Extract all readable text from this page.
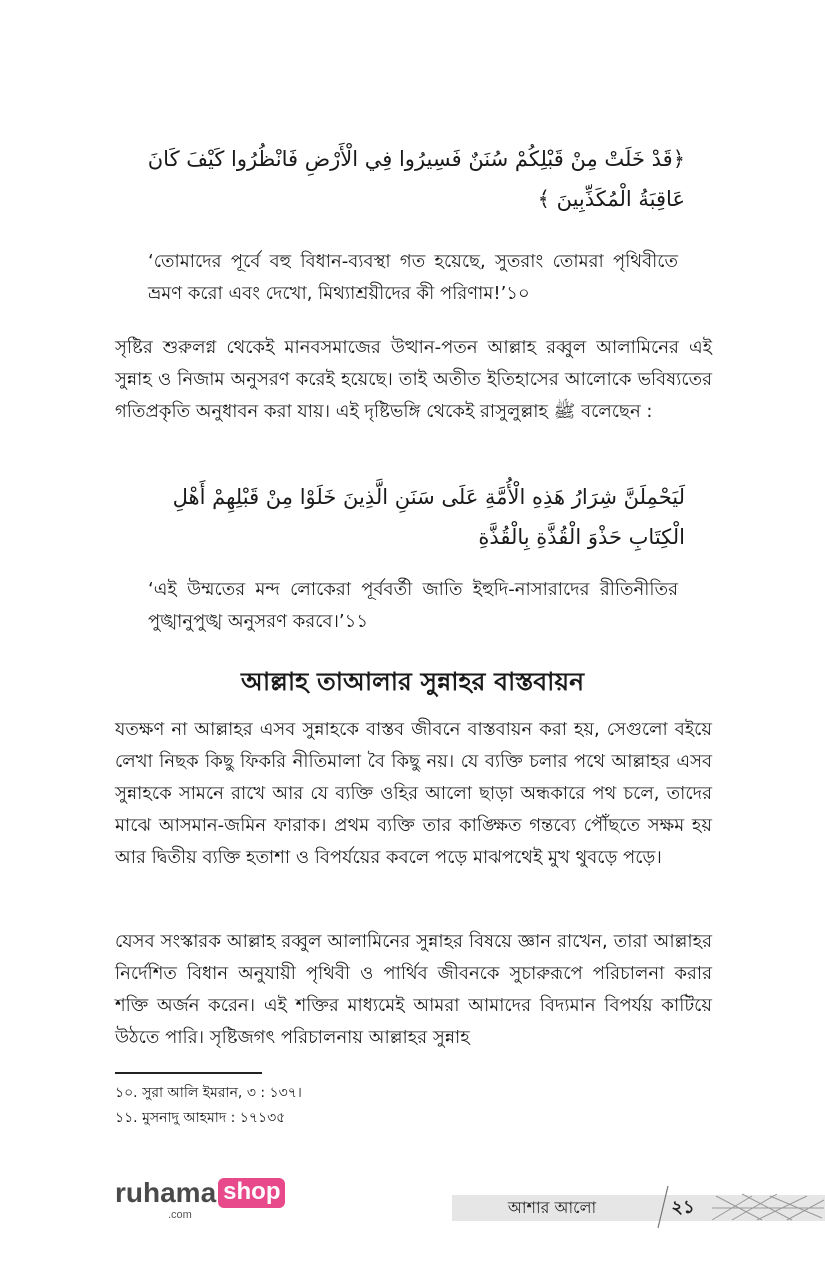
﴿قَدْ خَلَتْ مِنْ قَبْلِكُمْ سُنَنٌ فَسِيرُوا فِي الْأَرْضِ فَانْظُرُوا كَيْفَ كَانَ عَاقِبَةُ الْمُكَذِّبِينَ ﴾

‘তোমাদের পূর্বে বহু বিধান-ব্যবস্থা গত হয়েছে, সুতরাং তোমরা পৃথিবীতে ভ্রমণ করো এবং দেখো, মিথ্যাশ্রয়ীদের কী পরিণাম!’১০

সৃষ্টির শুরুলগ্ন থেকেই মানবসমাজের উত্থান-পতন আল্লাহ রব্বুল আলামিনের এই সুন্নাহ ও নিজাম অনুসরণ করেই হয়েছে। তাই অতীত ইতিহাসের আলোকে ভবিষ্যতের গতিপ্রকৃতি অনুধাবন করা যায়। এই দৃষ্টিভঙ্গি থেকেই রাসুলুল্লাহ ﷺ বলেছেন :

لَيَحْمِلَنَّ شِرَارُ هَذِهِ الْأُمَّةِ عَلَى سَنَنِ الَّذِينَ خَلَوْا مِنْ قَبْلِهِمْ أَهْلِ الْكِتَابِ حَذْوَ الْقُذَّةِ بِالْقُذَّةِ

‘এই উম্মতের মন্দ লোকেরা পূর্ববর্তী জাতি ইহুদি-নাসারাদের রীতিনীতির পুঙ্খানুপুঙ্খ অনুসরণ করবে।’১১

আল্লাহ তাআলার সুন্নাহর বাস্তবায়ন

যতক্ষণ না আল্লাহর এসব সুন্নাহকে বাস্তব জীবনে বাস্তবায়ন করা হয়, সেগুলো বইয়ে লেখা নিছক কিছু ফিকরি নীতিমালা বৈ কিছু নয়। যে ব্যক্তি চলার পথে আল্লাহর এসব সুন্নাহকে সামনে রাখে আর যে ব্যক্তি ওহির আলো ছাড়া অন্ধকারে পথ চলে, তাদের মাঝে আসমান-জমিন ফারাক। প্রথম ব্যক্তি তার কাঙ্ক্ষিত গন্তব্যে পৌঁছতে সক্ষম হয় আর দ্বিতীয় ব্যক্তি হতাশা ও বিপর্যয়ের কবলে পড়ে মাঝপথেই মুখ থুবড়ে পড়ে।

যেসব সংস্কারক আল্লাহ রব্বুল আলামিনের সুন্নাহর বিষয়ে জ্ঞান রাখেন, তারা আল্লাহর নির্দেশিত বিধান অনুযায়ী পৃথিবী ও পার্থিব জীবনকে সুচারুরূপে পরিচালনা করার শক্তি অর্জন করেন। এই শক্তির মাধ্যমেই আমরা আমাদের বিদ্যমান বিপর্যয় কাটিয়ে উঠতে পারি। সৃষ্টিজগৎ পরিচালনায় আল্লাহর সুন্নাহ

১০. সুরা আলি ইমরান, ৩ : ১৩৭।

১১. মুসনাদু আহমাদ : ১৭১৩৫

ruhama shop
.com	আশার আলো	২১
